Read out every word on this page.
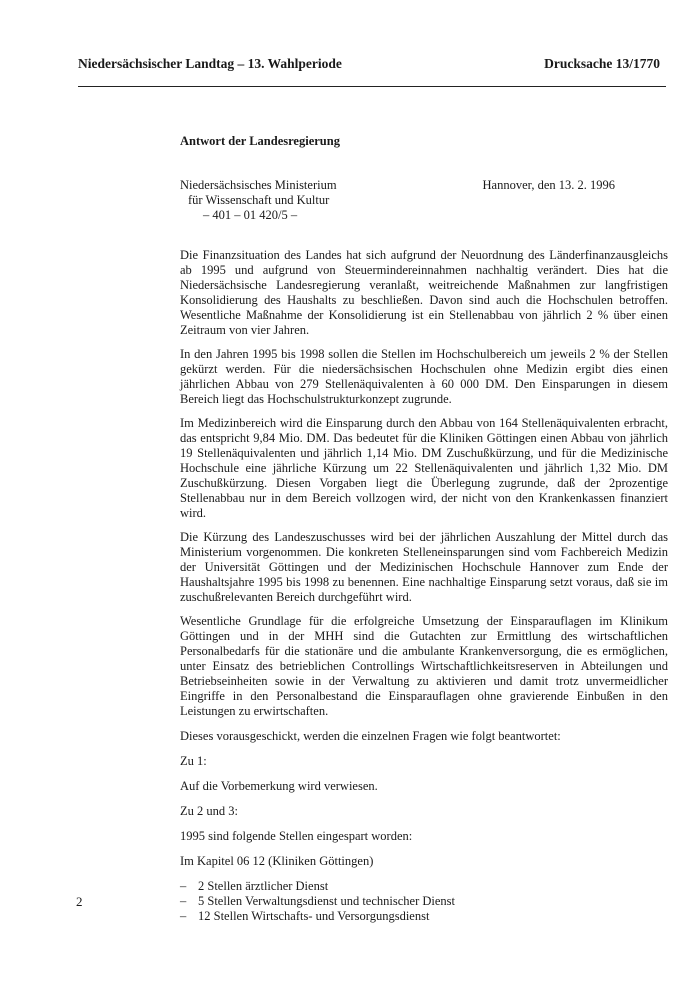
Niedersächsischer Landtag – 13. Wahlperiode	Drucksache 13/1770
Antwort der Landesregierung
Niedersächsisches Ministerium
für Wissenschaft und Kultur
– 401 – 01 420/5 –
Hannover, den 13. 2. 1996

Die Finanzsituation des Landes hat sich aufgrund der Neuordnung des Länderfinanzausgleichs ab 1995 und aufgrund von Steuermindereinnahmen nachhaltig verändert. Dies hat die Niedersächsische Landesregierung veranlaßt, weitreichende Maßnahmen zur langfristigen Konsolidierung des Haushalts zu beschließen. Davon sind auch die Hochschulen betroffen. Wesentliche Maßnahme der Konsolidierung ist ein Stellenabbau von jährlich 2 % über einen Zeitraum von vier Jahren.

In den Jahren 1995 bis 1998 sollen die Stellen im Hochschulbereich um jeweils 2 % der Stellen gekürzt werden. Für die niedersächsischen Hochschulen ohne Medizin ergibt dies einen jährlichen Abbau von 279 Stellenäquivalenten à 60 000 DM. Den Einsparungen in diesem Bereich liegt das Hochschulstrukturkonzept zugrunde.

Im Medizinbereich wird die Einsparung durch den Abbau von 164 Stellenäquivalenten erbracht, das entspricht 9,84 Mio. DM. Das bedeutet für die Kliniken Göttingen einen Abbau von jährlich 19 Stellenäquivalenten und jährlich 1,14 Mio. DM Zuschußkürzung, und für die Medizinische Hochschule eine jährliche Kürzung um 22 Stellenäquivalenten und jährlich 1,32 Mio. DM Zuschußkürzung. Diesen Vorgaben liegt die Überlegung zugrunde, daß der 2prozentige Stellenabbau nur in dem Bereich vollzogen wird, der nicht von den Krankenkassen finanziert wird.

Die Kürzung des Landeszuschusses wird bei der jährlichen Auszahlung der Mittel durch das Ministerium vorgenommen. Die konkreten Stelleneinsparungen sind vom Fachbereich Medizin der Universität Göttingen und der Medizinischen Hochschule Hannover zum Ende der Haushaltsjahre 1995 bis 1998 zu benennen. Eine nachhaltige Einsparung setzt voraus, daß sie im zuschußrelevanten Bereich durchgeführt wird.

Wesentliche Grundlage für die erfolgreiche Umsetzung der Einsparauflagen im Klinikum Göttingen und in der MHH sind die Gutachten zur Ermittlung des wirtschaftlichen Personalbedarfs für die stationäre und die ambulante Krankenversorgung, die es ermöglichen, unter Einsatz des betrieblichen Controllings Wirtschaftlichkeitsreserven in Abteilungen und Betriebseinheiten sowie in der Verwaltung zu aktivieren und damit trotz unvermeidlicher Eingriffe in den Personalbestand die Einsparauflagen ohne gravierende Einbußen in den Leistungen zu erwirtschaften.

Dieses vorausgeschickt, werden die einzelnen Fragen wie folgt beantwortet:

Zu 1:

Auf die Vorbemerkung wird verwiesen.

Zu 2 und 3:

1995 sind folgende Stellen eingespart worden:

Im Kapitel 06 12 (Kliniken Göttingen)

– 2 Stellen ärztlicher Dienst
– 5 Stellen Verwaltungsdienst und technischer Dienst
– 12 Stellen Wirtschafts- und Versorgungsdienst
2
